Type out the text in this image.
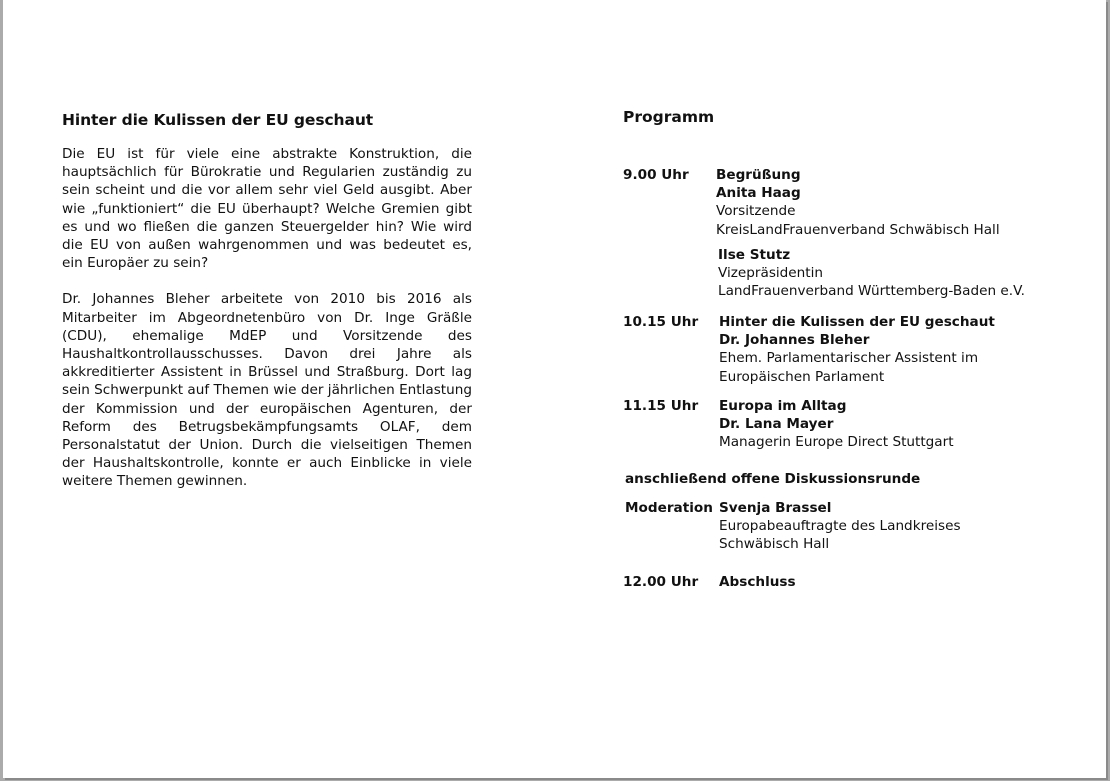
Hinter die Kulissen der EU geschaut
Die EU ist für viele eine abstrakte Konstruktion, die hauptsächlich für Bürokratie und Regularien zuständig zu sein scheint und die vor allem sehr viel Geld ausgibt. Aber wie „funktioniert“ die EU überhaupt? Welche Gremien gibt es und wo fließen die ganzen Steuergelder hin? Wie wird die EU von außen wahrgenommen und was bedeutet es, ein Europäer zu sein?
Dr. Johannes Bleher arbeitete von 2010 bis 2016 als Mitarbeiter im Abgeordnetenbüro von Dr. Inge Gräßle (CDU), ehemalige MdEP und Vorsitzende des Haushaltkontrollausschusses. Davon drei Jahre als akkreditierter Assistent in Brüssel und Straßburg. Dort lag sein Schwerpunkt auf Themen wie der jährlichen Entlastung der Kommission und der europäischen Agenturen, der Reform des Betrugsbekämpfungsamts OLAF, dem Personalstatut der Union. Durch die vielseitigen Themen der Haushaltskontrolle, konnte er auch Einblicke in viele weitere Themen gewinnen.
Programm
9.00 Uhr Begrüßung
Anita Haag
Vorsitzende
KreisLandFrauenverband Schwäbisch Hall
Ilse Stutz
Vizepräsidentin
LandFrauenverband Württemberg-Baden e.V.
10.15 Uhr Hinter die Kulissen der EU geschaut
Dr. Johannes Bleher
Ehem. Parlamentarischer Assistent im
Europäischen Parlament
11.15 Uhr Europa im Alltag
Dr. Lana Mayer
Managerin Europe Direct Stuttgart
anschließend offene Diskussionsrunde
Moderation Svenja Brassel
Europabeauftragte des Landkreises
Schwäbisch Hall
12.00 Uhr Abschluss
